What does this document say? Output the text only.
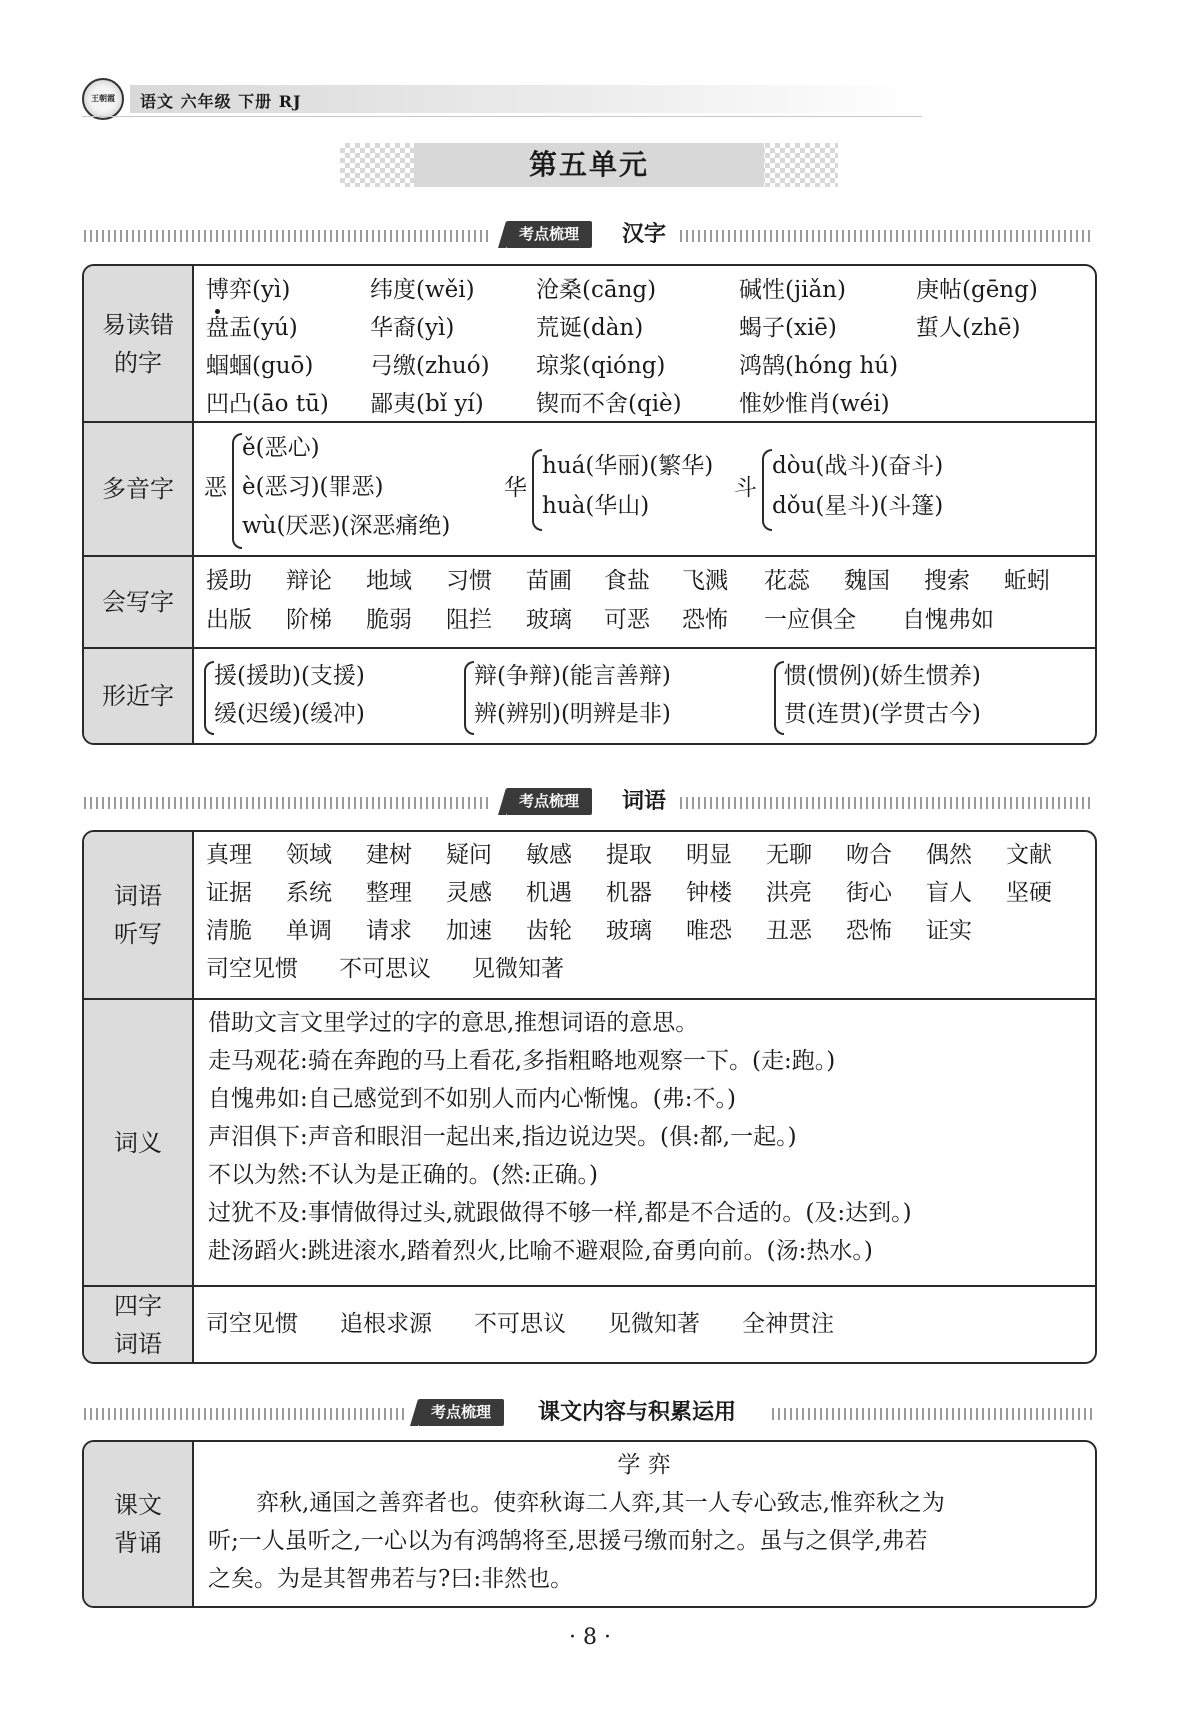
王朝霞 语文 六年级 下册 RJ
第五单元
考点梳理	汉字
易读错
的字
博弈(yì)	纬度(wěi)	沧桑(cāng)	碱性(jiǎn)	庚帖(gēng)
盘盂(yú)	华裔(yì)	荒诞(dàn)	蝎子(xiē)	蜇人(zhē)
蝈蝈(guō) 弓缴(zhuó) 琼浆(qióng)	鸿鹄(hóng hú)
凹凸(āo tū) 鄙夷(bǐ yí) 锲而不舍(qiè) 惟妙惟肖(wéi)
多音字	恶
ě(恶心)
è(恶习)(罪恶)
wù(厌恶)(深恶痛绝)
华
huá(华丽)(繁华)
huà(华山)
斗
dòu(战斗)(奋斗)
dǒu(星斗)(斗篷)
会写字
援助 辩论 地域 习惯 苗圃 食盐 飞溅 花蕊 魏国 搜索 蚯蚓
出版 阶梯 脆弱 阻拦 玻璃 可恶 恐怖 一应俱全 自愧弗如
形近字
援(援助)(支援)
缓(迟缓)(缓冲)
辩(争辩)(能言善辩)
辨(辨别)(明辨是非)
惯(惯例)(娇生惯养)
贯(连贯)(学贯古今)
考点梳理	词语
词语
听写
真理 领域 建树 疑问 敏感 提取 明显 无聊 吻合 偶然 文献
证据 系统 整理 灵感 机遇 机器 钟楼 洪亮 街心 盲人 坚硬
清脆 单调 请求 加速 齿轮 玻璃 唯恐 丑恶 恐怖 证实
司空见惯 不可思议 见微知著
词义
借助文言文里学过的字的意思,推想词语的意思。
走马观花:骑在奔跑的马上看花,多指粗略地观察一下。(走:跑。)
自愧弗如:自己感觉到不如别人而内心惭愧。(弗:不。)
声泪俱下:声音和眼泪一起出来,指边说边哭。(俱:都,一起。)
不以为然:不认为是正确的。(然:正确。)
过犹不及:事情做得过头,就跟做得不够一样,都是不合适的。(及:达到。)
赴汤蹈火:跳进滚水,踏着烈火,比喻不避艰险,奋勇向前。(汤:热水。)
四字
词语
司空见惯 追根求源 不可思议 见微知著 全神贯注
考点梳理	课文内容与积累运用
课文
背诵
学 弈
弈秋,通国之善弈者也。使弈秋诲二人弈,其一人专心致志,惟弈秋之为
听;一人虽听之,一心以为有鸿鹄将至,思援弓缴而射之。虽与之俱学,弗若
之矣。为是其智弗若与?曰:非然也。
· 8 ·
